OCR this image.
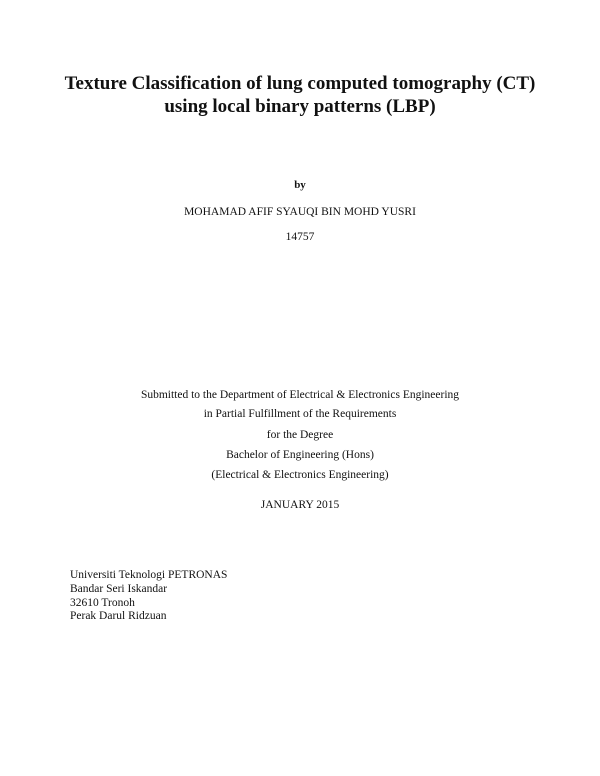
Texture Classification of lung computed tomography (CT)
using local binary patterns (LBP)
by
MOHAMAD AFIF SYAUQI BIN MOHD YUSRI
14757
Submitted to the Department of Electrical & Electronics Engineering
in Partial Fulfillment of the Requirements
for the Degree
Bachelor of Engineering (Hons)
(Electrical & Electronics Engineering)
JANUARY 2015

Universiti Teknologi PETRONAS

Bandar Seri Iskandar

32610 Tronoh

Perak Darul Ridzuan
